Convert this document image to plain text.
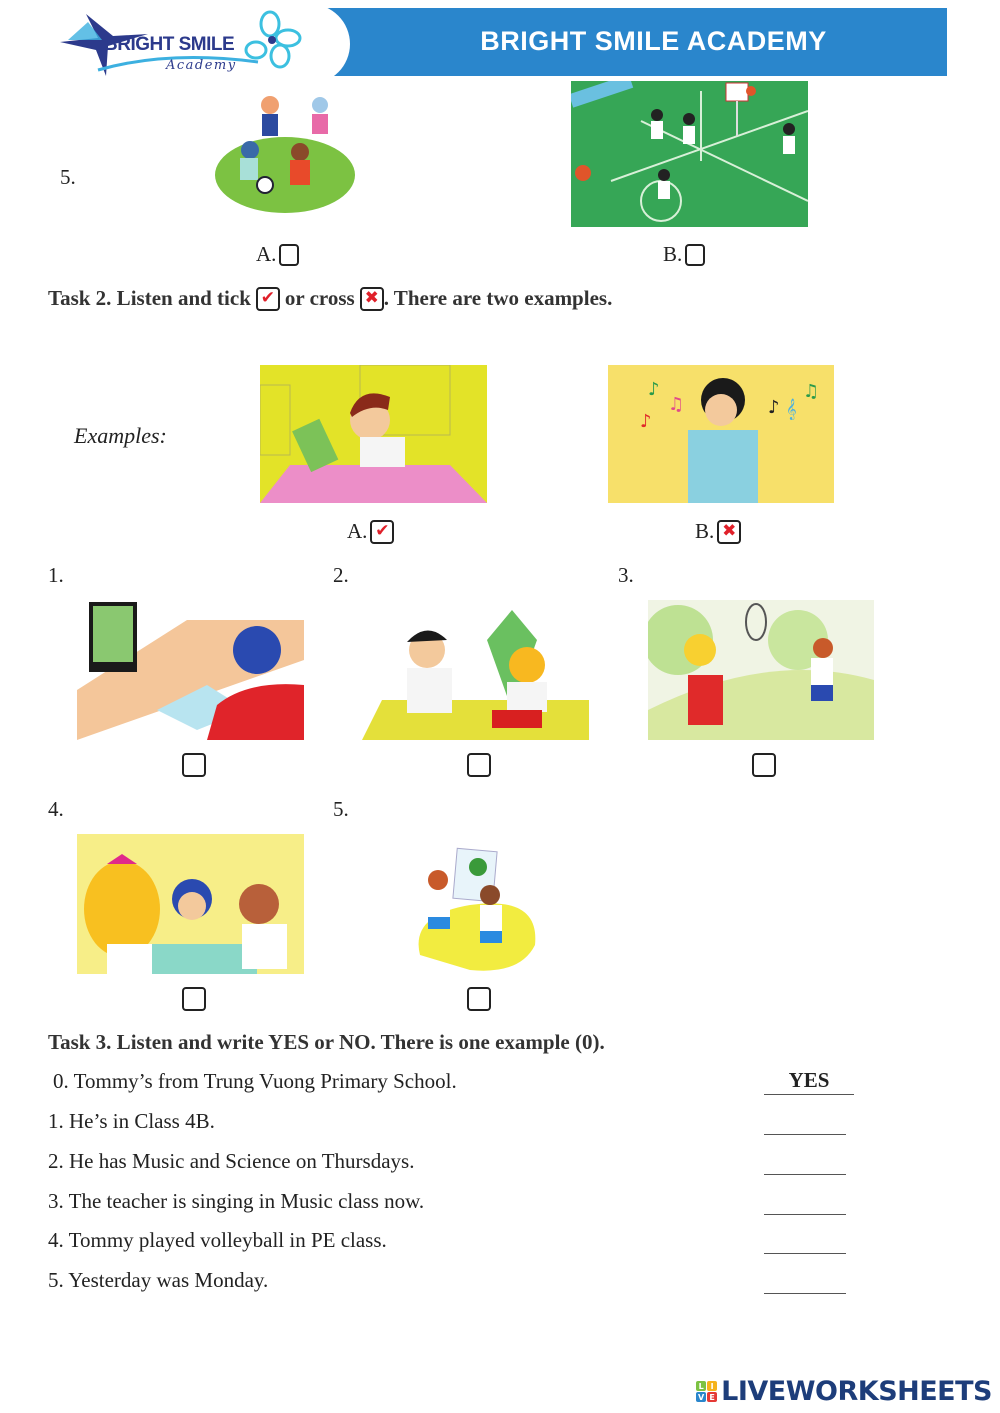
BRIGHT SMILE ACADEMY
BRIGHT SMILE
Academy
5.
A.	B.
Task 2. Listen and tick ✔ or cross ✖ . There are two examples.
Examples:
♪	♫
♪ 𝄞
♫
♪
A. ✔	B. ✖
1.	2.	3.
4.	5.
Task 3. Listen and write YES or NO. There is one example (0).
0. Tommy’s from Trung Vuong Primary School.	YES
1. He’s in Class 4B.
2. He has Music and Science on Thursdays.
3. The teacher is singing in Music class now.
4. Tommy played volleyball in PE class.
5. Yesterday was Monday.
L I
V E LIVEWORKSHEETS
